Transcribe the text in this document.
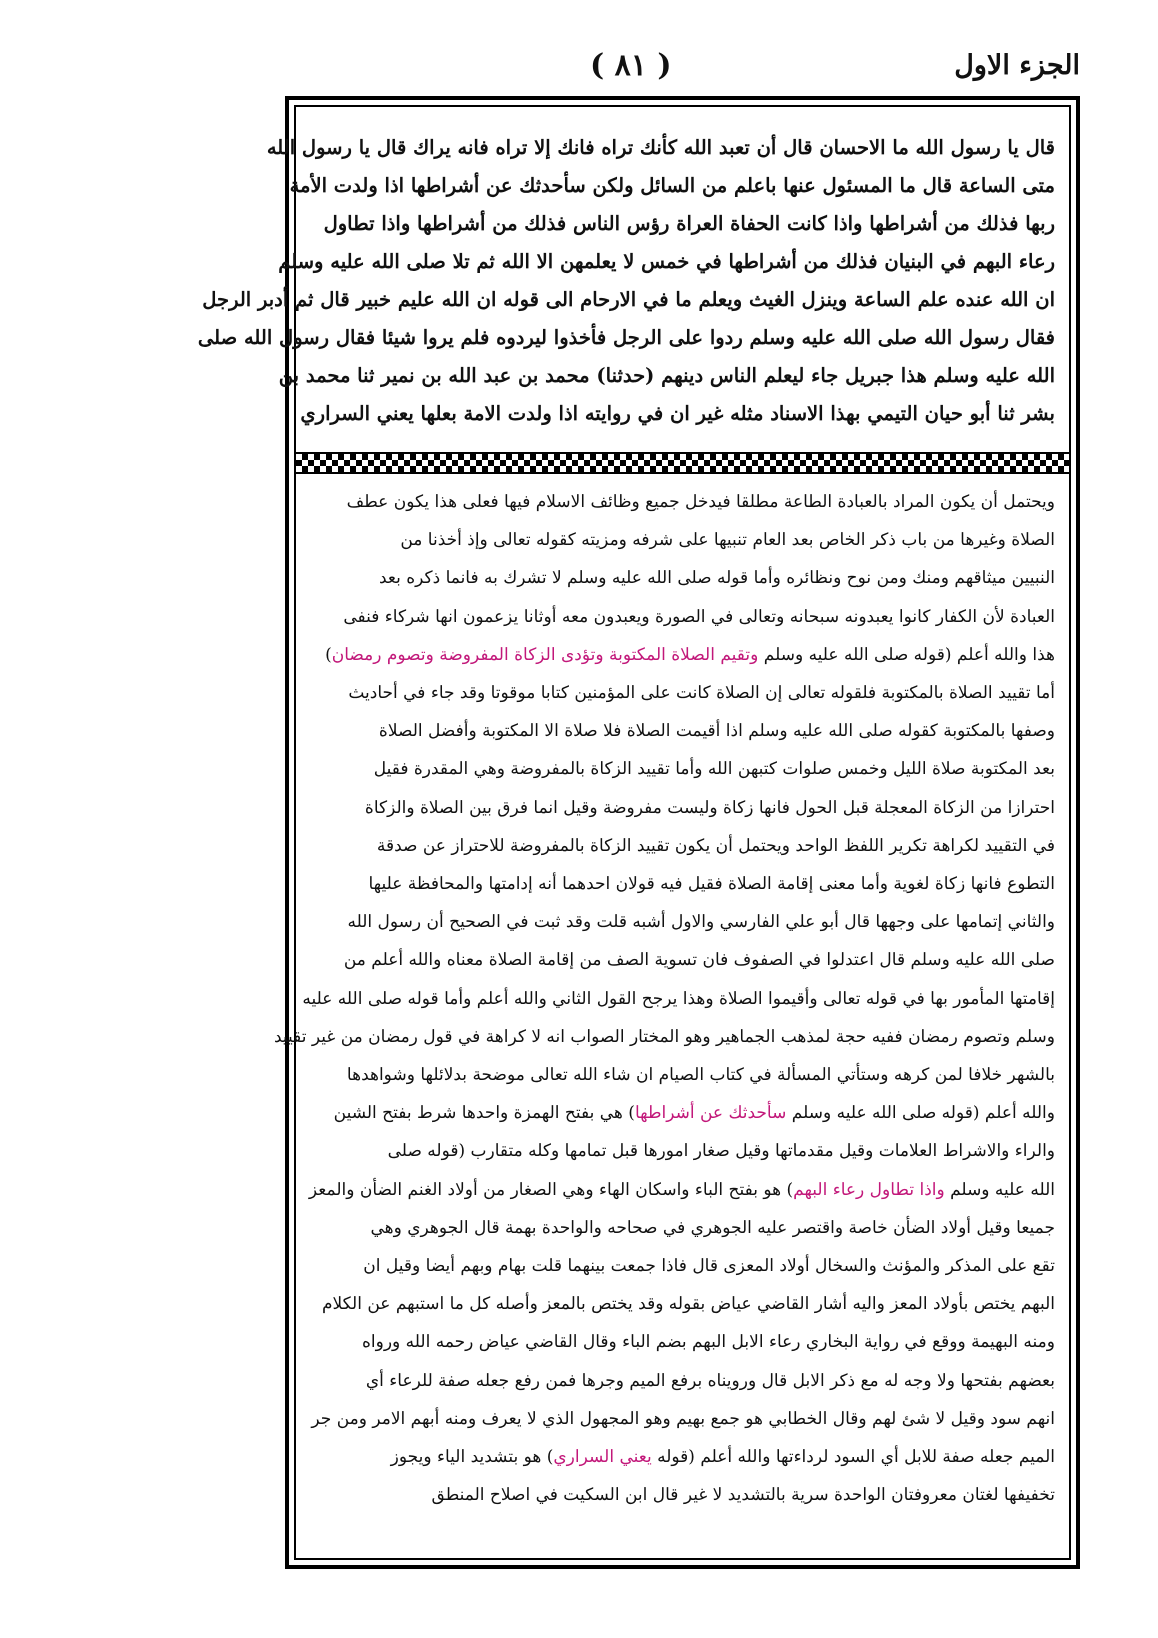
( ٨١ )	الجزء الاول
قال يا رسول الله ما الاحسان قال أن تعبد الله كأنك تراه فانك إلا تراه فانه يراك قال يا رسول الله
متى الساعة قال ما المسئول عنها باعلم من السائل ولكن سأحدثك عن أشراطها اذا ولدت الأمة
ربها فذلك من أشراطها واذا كانت الحفاة العراة رؤس الناس فذلك من أشراطها واذا تطاول
رعاء البهم في البنيان فذلك من أشراطها في خمس لا يعلمهن الا الله ثم تلا صلى الله عليه وسلم
ان الله عنده علم الساعة وينزل الغيث ويعلم ما في الارحام الى قوله ان الله عليم خبير قال ثم أدبر الرجل
فقال رسول الله صلى الله عليه وسلم ردوا على الرجل فأخذوا ليردوه فلم يروا شيئا فقال رسول الله صلى
الله عليه وسلم هذا جبريل جاء ليعلم الناس دينهم (حدثنا) محمد بن عبد الله بن نمير ثنا محمد بن
بشر ثنا أبو حيان التيمي بهذا الاسناد مثله غير ان في روايته اذا ولدت الامة بعلها يعني السراري
ويحتمل أن يكون المراد بالعبادة الطاعة مطلقا فيدخل جميع وظائف الاسلام فيها فعلى هذا يكون عطف
الصلاة وغيرها من باب ذكر الخاص بعد العام تنبيها على شرفه ومزيته كقوله تعالى وإذ أخذنا من
النبيين ميثاقهم ومنك ومن نوح ونظائره وأما قوله صلى الله عليه وسلم لا تشرك به فانما ذكره بعد
العبادة لأن الكفار كانوا يعبدونه سبحانه وتعالى في الصورة ويعبدون معه أوثانا يزعمون انها شركاء فنفى
هذا والله أعلم (قوله صلى الله عليه وسلم وتقيم الصلاة المكتوبة وتؤدى الزكاة المفروضة وتصوم رمضان)
أما تقييد الصلاة بالمكتوبة فلقوله تعالى إن الصلاة كانت على المؤمنين كتابا موقوتا وقد جاء في أحاديث
وصفها بالمكتوبة كقوله صلى الله عليه وسلم اذا أقيمت الصلاة فلا صلاة الا المكتوبة وأفضل الصلاة
بعد المكتوبة صلاة الليل وخمس صلوات كتبهن الله وأما تقييد الزكاة بالمفروضة وهي المقدرة فقيل
احترازا من الزكاة المعجلة قبل الحول فانها زكاة وليست مفروضة وقيل انما فرق بين الصلاة والزكاة
في التقييد لكراهة تكرير اللفظ الواحد ويحتمل أن يكون تقييد الزكاة بالمفروضة للاحتراز عن صدقة
التطوع فانها زكاة لغوية وأما معنى إقامة الصلاة فقيل فيه قولان احدهما أنه إدامتها والمحافظة عليها
والثاني إتمامها على وجهها قال أبو علي الفارسي والاول أشبه قلت وقد ثبت في الصحيح أن رسول الله
صلى الله عليه وسلم قال اعتدلوا في الصفوف فان تسوية الصف من إقامة الصلاة معناه والله أعلم من
إقامتها المأمور بها في قوله تعالى وأقيموا الصلاة وهذا يرجح القول الثاني والله أعلم وأما قوله صلى الله عليه
وسلم وتصوم رمضان ففيه حجة لمذهب الجماهير وهو المختار الصواب انه لا كراهة في قول رمضان من غير تقييد
بالشهر خلافا لمن كرهه وستأتي المسألة في كتاب الصيام ان شاء الله تعالى موضحة بدلائلها وشواهدها
والله أعلم (قوله صلى الله عليه وسلم سأحدثك عن أشراطها) هي بفتح الهمزة واحدها شرط بفتح الشين
والراء والاشراط العلامات وقيل مقدماتها وقيل صغار امورها قبل تمامها وكله متقارب (قوله صلى
الله عليه وسلم واذا تطاول رعاء البهم) هو بفتح الباء واسكان الهاء وهي الصغار من أولاد الغنم الضأن والمعز
جميعا وقيل أولاد الضأن خاصة واقتصر عليه الجوهري في صحاحه والواحدة بهمة قال الجوهري وهي
تقع على المذكر والمؤنث والسخال أولاد المعزى قال فاذا جمعت بينهما قلت بهام وبهم أيضا وقيل ان
البهم يختص بأولاد المعز واليه أشار القاضي عياض بقوله وقد يختص بالمعز وأصله كل ما استبهم عن الكلام
ومنه البهيمة ووقع في رواية البخاري رعاء الابل البهم بضم الباء وقال القاضي عياض رحمه الله ورواه
بعضهم بفتحها ولا وجه له مع ذكر الابل قال ورويناه برفع الميم وجرها فمن رفع جعله صفة للرعاء أي
انهم سود وقيل لا شئ لهم وقال الخطابي هو جمع بهيم وهو المجهول الذي لا يعرف ومنه أبهم الامر ومن جر
الميم جعله صفة للابل أي السود لرداءتها والله أعلم (قوله يعني السراري) هو بتشديد الياء ويجوز
تخفيفها لغتان معروفتان الواحدة سرية بالتشديد لا غير قال ابن السكيت في اصلاح المنطق
